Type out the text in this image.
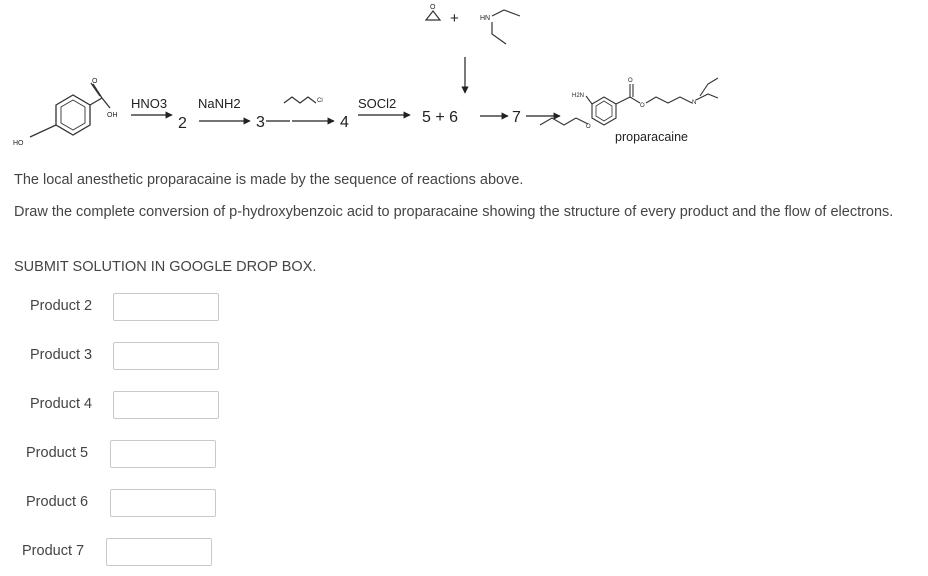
HO
OH
O
HNO3
2
NaNH2
3
Cl
4
SOCl2
5 + 6
O
+	HN
7
H2N
O
O	N
O
proparacaine
The local anesthetic proparacaine is made by the sequence of reactions above.
Draw the complete conversion of p-hydroxybenzoic acid to proparacaine showing the structure of every product and the flow of electrons.
SUBMIT SOLUTION IN GOOGLE DROP BOX.
Product 2
Product 3
Product 4
Product 5
Product 6
Product 7
